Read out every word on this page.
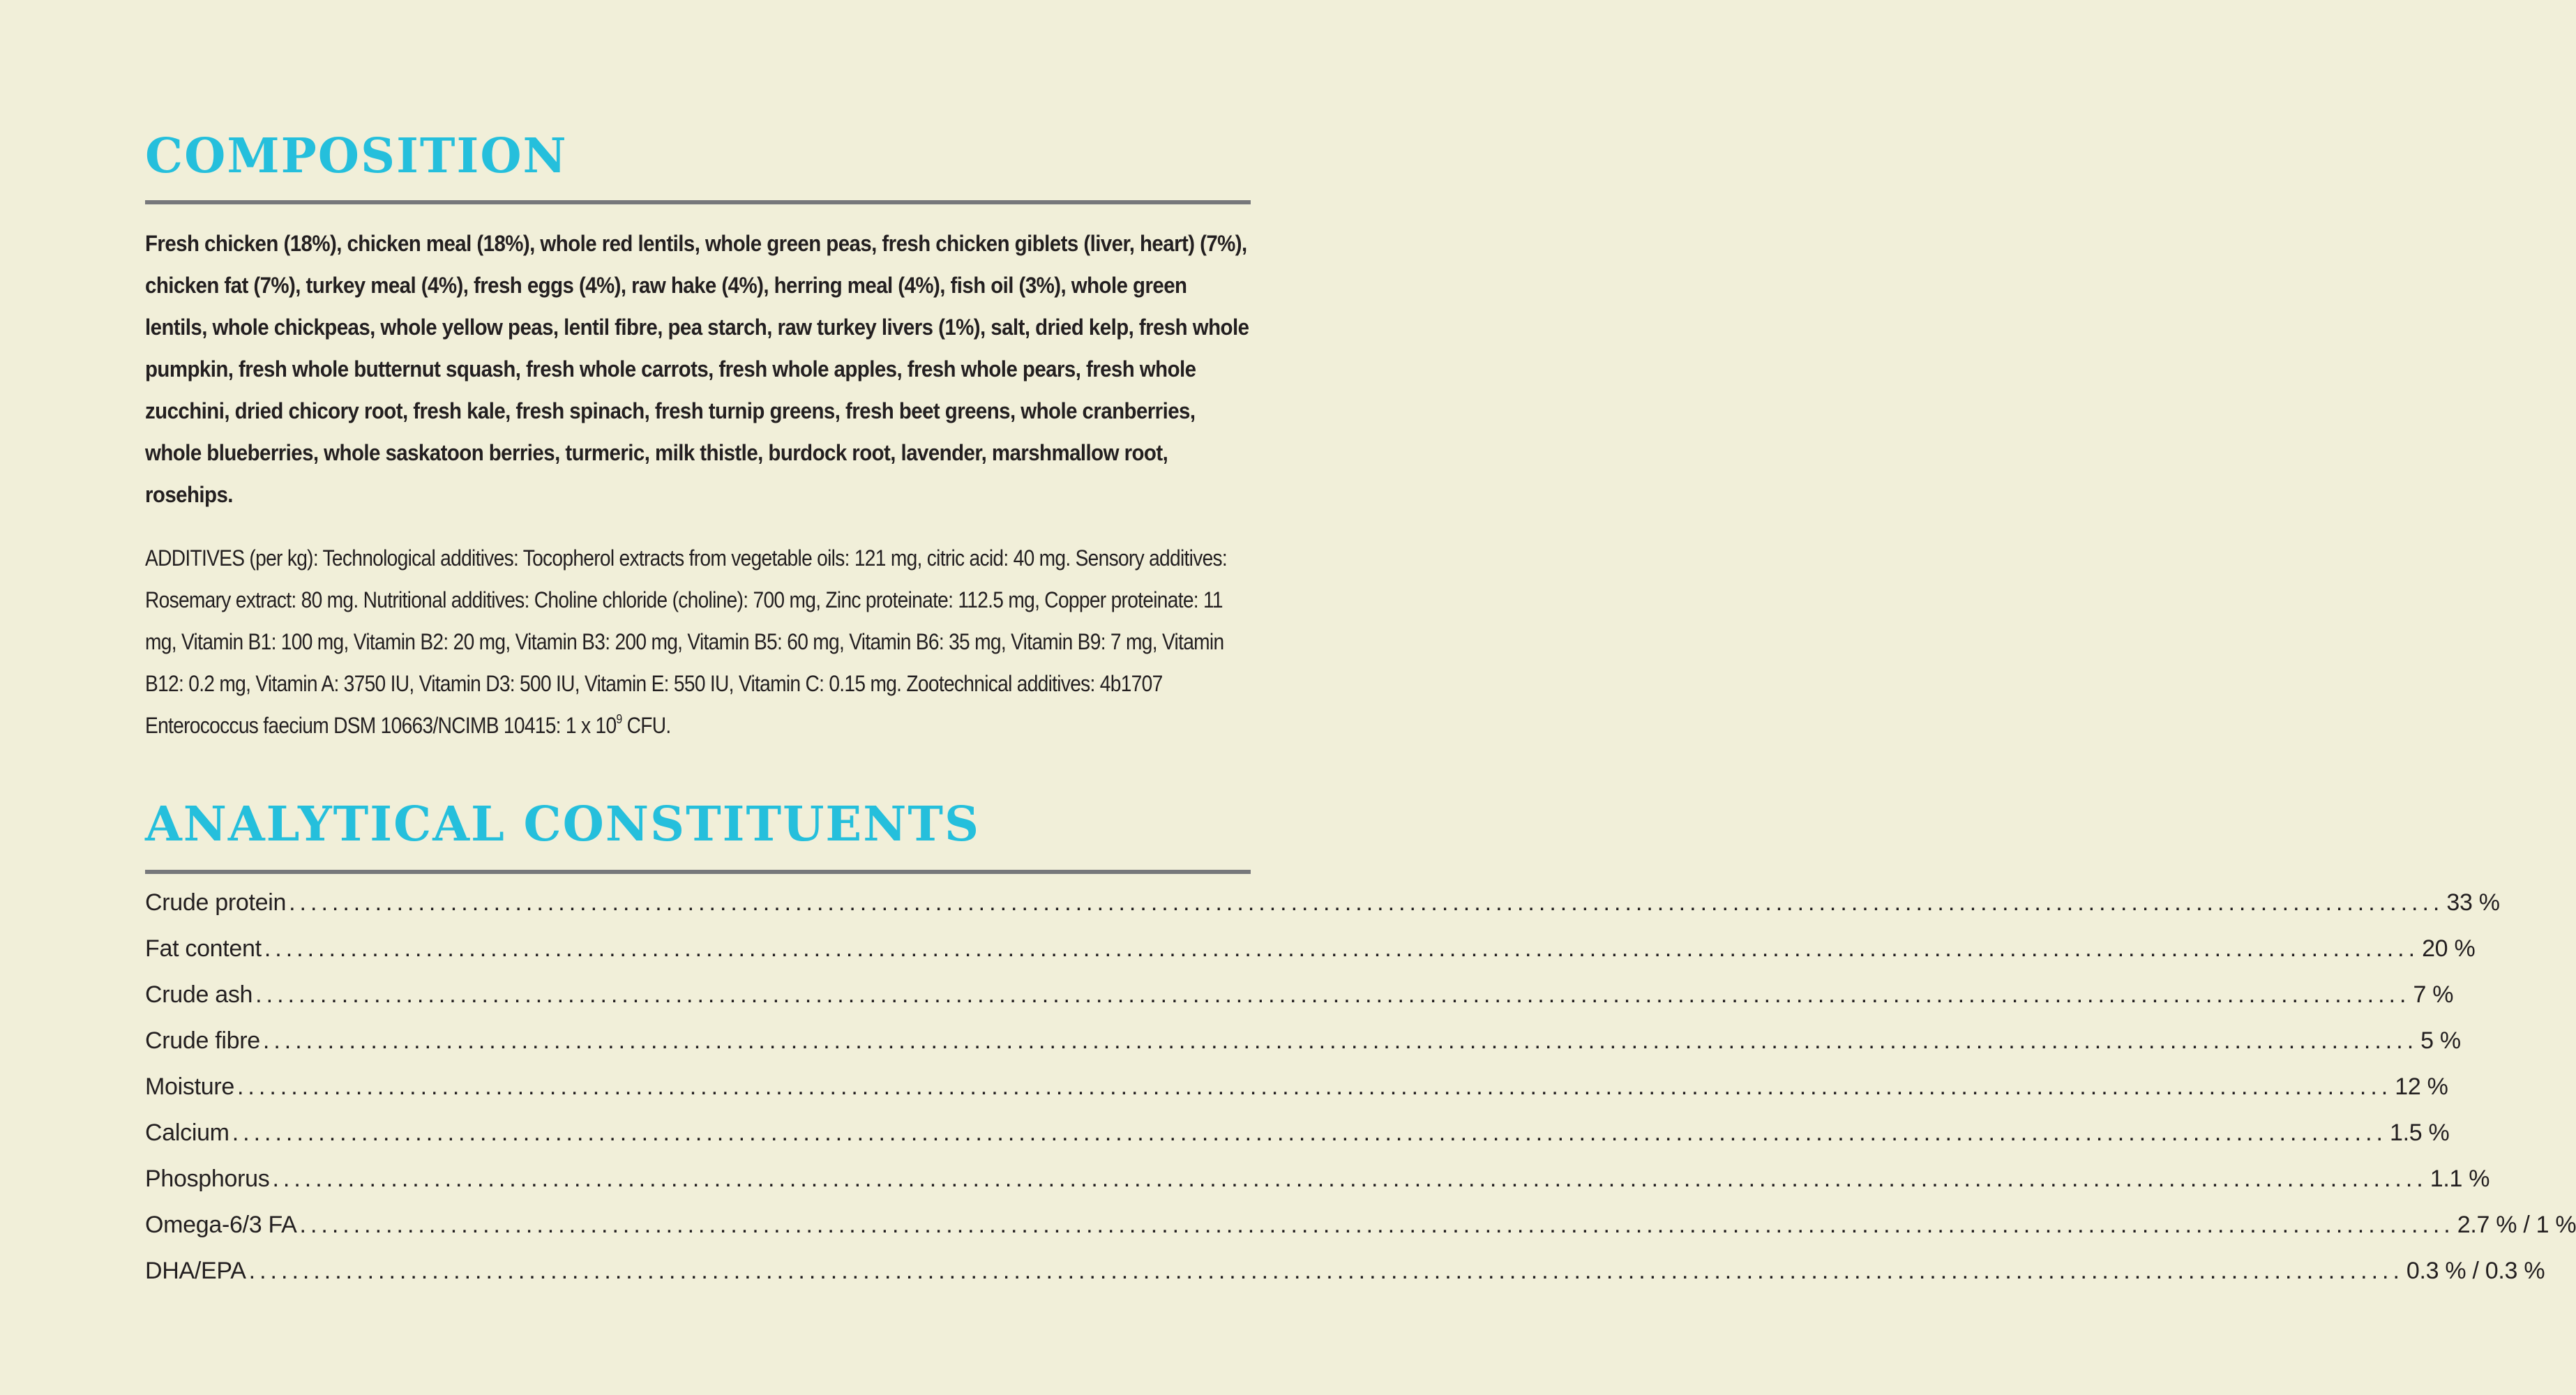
COMPOSITION
Fresh chicken (18%), chicken meal (18%), whole red lentils, whole green peas, fresh chicken giblets (liver, heart) (7%), chicken fat (7%), turkey meal (4%), fresh eggs (4%), raw hake (4%), herring meal (4%), fish oil (3%), whole green lentils, whole chickpeas, whole yellow peas, lentil fibre, pea starch, raw turkey livers (1%), salt, dried kelp, fresh whole pumpkin, fresh whole butternut squash, fresh whole carrots, fresh whole apples, fresh whole pears, fresh whole zucchini, dried chicory root, fresh kale, fresh spinach, fresh turnip greens, fresh beet greens, whole cranberries, whole blueberries, whole saskatoon berries, turmeric, milk thistle, burdock root, lavender, marshmallow root, rosehips.
ADDITIVES (per kg): Technological additives: Tocopherol extracts from vegetable oils: 121 mg, citric acid: 40 mg. Sensory additives: Rosemary extract: 80 mg. Nutritional additives: Choline chloride (choline): 700 mg, Zinc proteinate: 112.5 mg, Copper proteinate: 11 mg, Vitamin B1: 100 mg, Vitamin B2: 20 mg, Vitamin B3: 200 mg, Vitamin B5: 60 mg, Vitamin B6: 35 mg, Vitamin B9: 7 mg, Vitamin B12: 0.2 mg, Vitamin A: 3750 IU, Vitamin D3: 500 IU, Vitamin E: 550 IU, Vitamin C: 0.15 mg. Zootechnical additives: 4b1707 Enterococcus faecium DSM 10663/NCIMB 10415: 1 x $10^9$ CFU.
ANALYTICAL CONSTITUENTS
Crude protein ........................................................................................................................................................................................................ 33 %
Fat content ........................................................................................................................................................................................................ 20 %
Crude ash ........................................................................................................................................................................................................ 7 %
Crude fibre ........................................................................................................................................................................................................ 5 %
Moisture ........................................................................................................................................................................................................ 12 %
Calcium ........................................................................................................................................................................................................ 1.5 %
Phosphorus ........................................................................................................................................................................................................ 1.1 %
Omega-6/3 FA ........................................................................................................................................................................................................ 2.7 % / 1 %
DHA/EPA ........................................................................................................................................................................................................ 0.3 % / 0.3 %
